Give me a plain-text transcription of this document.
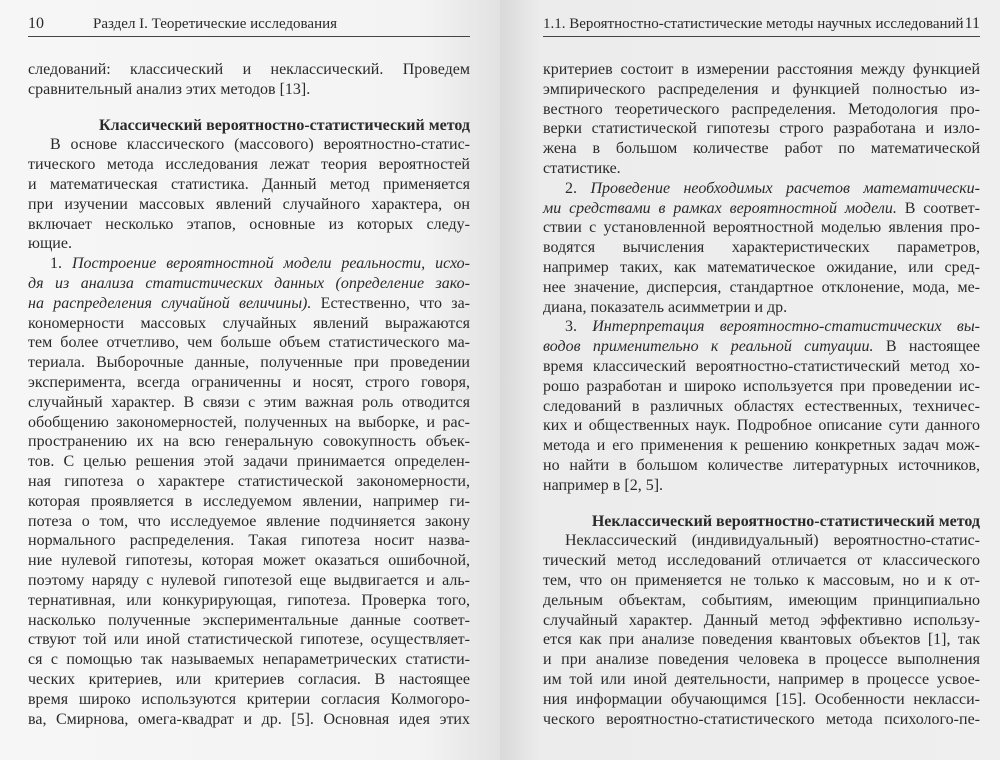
10	Раздел I. Теоретические исследования
следований: классический и неклассический. Проведем
сравнительный анализ этих методов [13].
Классический вероятностно-статистический метод
В основе классического (массового) вероятностно-статис-
тического метода исследования лежат теория вероятностей
и математическая статистика. Данный метод применяется
при изучении массовых явлений случайного характера, он
включает несколько этапов, основные из которых следу-
ющие.
1. Построение вероятностной модели реальности, исхо-
дя из анализа статистических данных (определение зако-
на распределения случайной величины). Естественно, что за-
кономерности массовых случайных явлений выражаются
тем более отчетливо, чем больше объем статистического ма-
териала. Выборочные данные, полученные при проведении
эксперимента, всегда ограниченны и носят, строго говоря,
случайный характер. В связи с этим важная роль отводится
обобщению закономерностей, полученных на выборке, и рас-
пространению их на всю генеральную совокупность объек-
тов. С целью решения этой задачи принимается определен-
ная гипотеза о характере статистической закономерности,
которая проявляется в исследуемом явлении, например ги-
потеза о том, что исследуемое явление подчиняется закону
нормального распределения. Такая гипотеза носит назва-
ние нулевой гипотезы, которая может оказаться ошибочной,
поэтому наряду с нулевой гипотезой еще выдвигается и аль-
тернативная, или конкурирующая, гипотеза. Проверка того,
насколько полученные экспериментальные данные соответ-
ствуют той или иной статистической гипотезе, осуществляет-
ся с помощью так называемых непараметрических статисти-
ческих критериев, или критериев согласия. В настоящее
время широко используются критерии согласия Колмогоро-
ва, Смирнова, омега-квадрат и др. [5]. Основная идея этих
1.1. Вероятностно-статистические методы научных исследований 11
критериев состоит в измерении расстояния между функцией
эмпирического распределения и функцией полностью из-
вестного теоретического распределения. Методология про-
верки статистической гипотезы строго разработана и изло-
жена в большом количестве работ по математической
статистике.
2. Проведение необходимых расчетов математически-
ми средствами в рамках вероятностной модели. В соответ-
ствии с установленной вероятностной моделью явления про-
водятся вычисления характеристических параметров,
например таких, как математическое ожидание, или сред-
нее значение, дисперсия, стандартное отклонение, мода, ме-
диана, показатель асимметрии и др.
3. Интерпретация вероятностно-статистических вы-
водов применительно к реальной ситуации. В настоящее
время классический вероятностно-статистический метод хо-
рошо разработан и широко используется при проведении ис-
следований в различных областях естественных, техничес-
ких и общественных наук. Подробное описание сути данного
метода и его применения к решению конкретных задач мож-
но найти в большом количестве литературных источников,
например в [2, 5].
Неклассический вероятностно-статистический метод
Неклассический (индивидуальный) вероятностно-статис-
тический метод исследований отличается от классического
тем, что он применяется не только к массовым, но и к от-
дельным объектам, событиям, имеющим принципиально
случайный характер. Данный метод эффективно использу-
ется как при анализе поведения квантовых объектов [1], так
и при анализе поведения человека в процессе выполнения
им той или иной деятельности, например в процессе усвое-
ния информации обучающимся [15]. Особенности некласси-
ческого вероятностно-статистического метода психолого-пе-
